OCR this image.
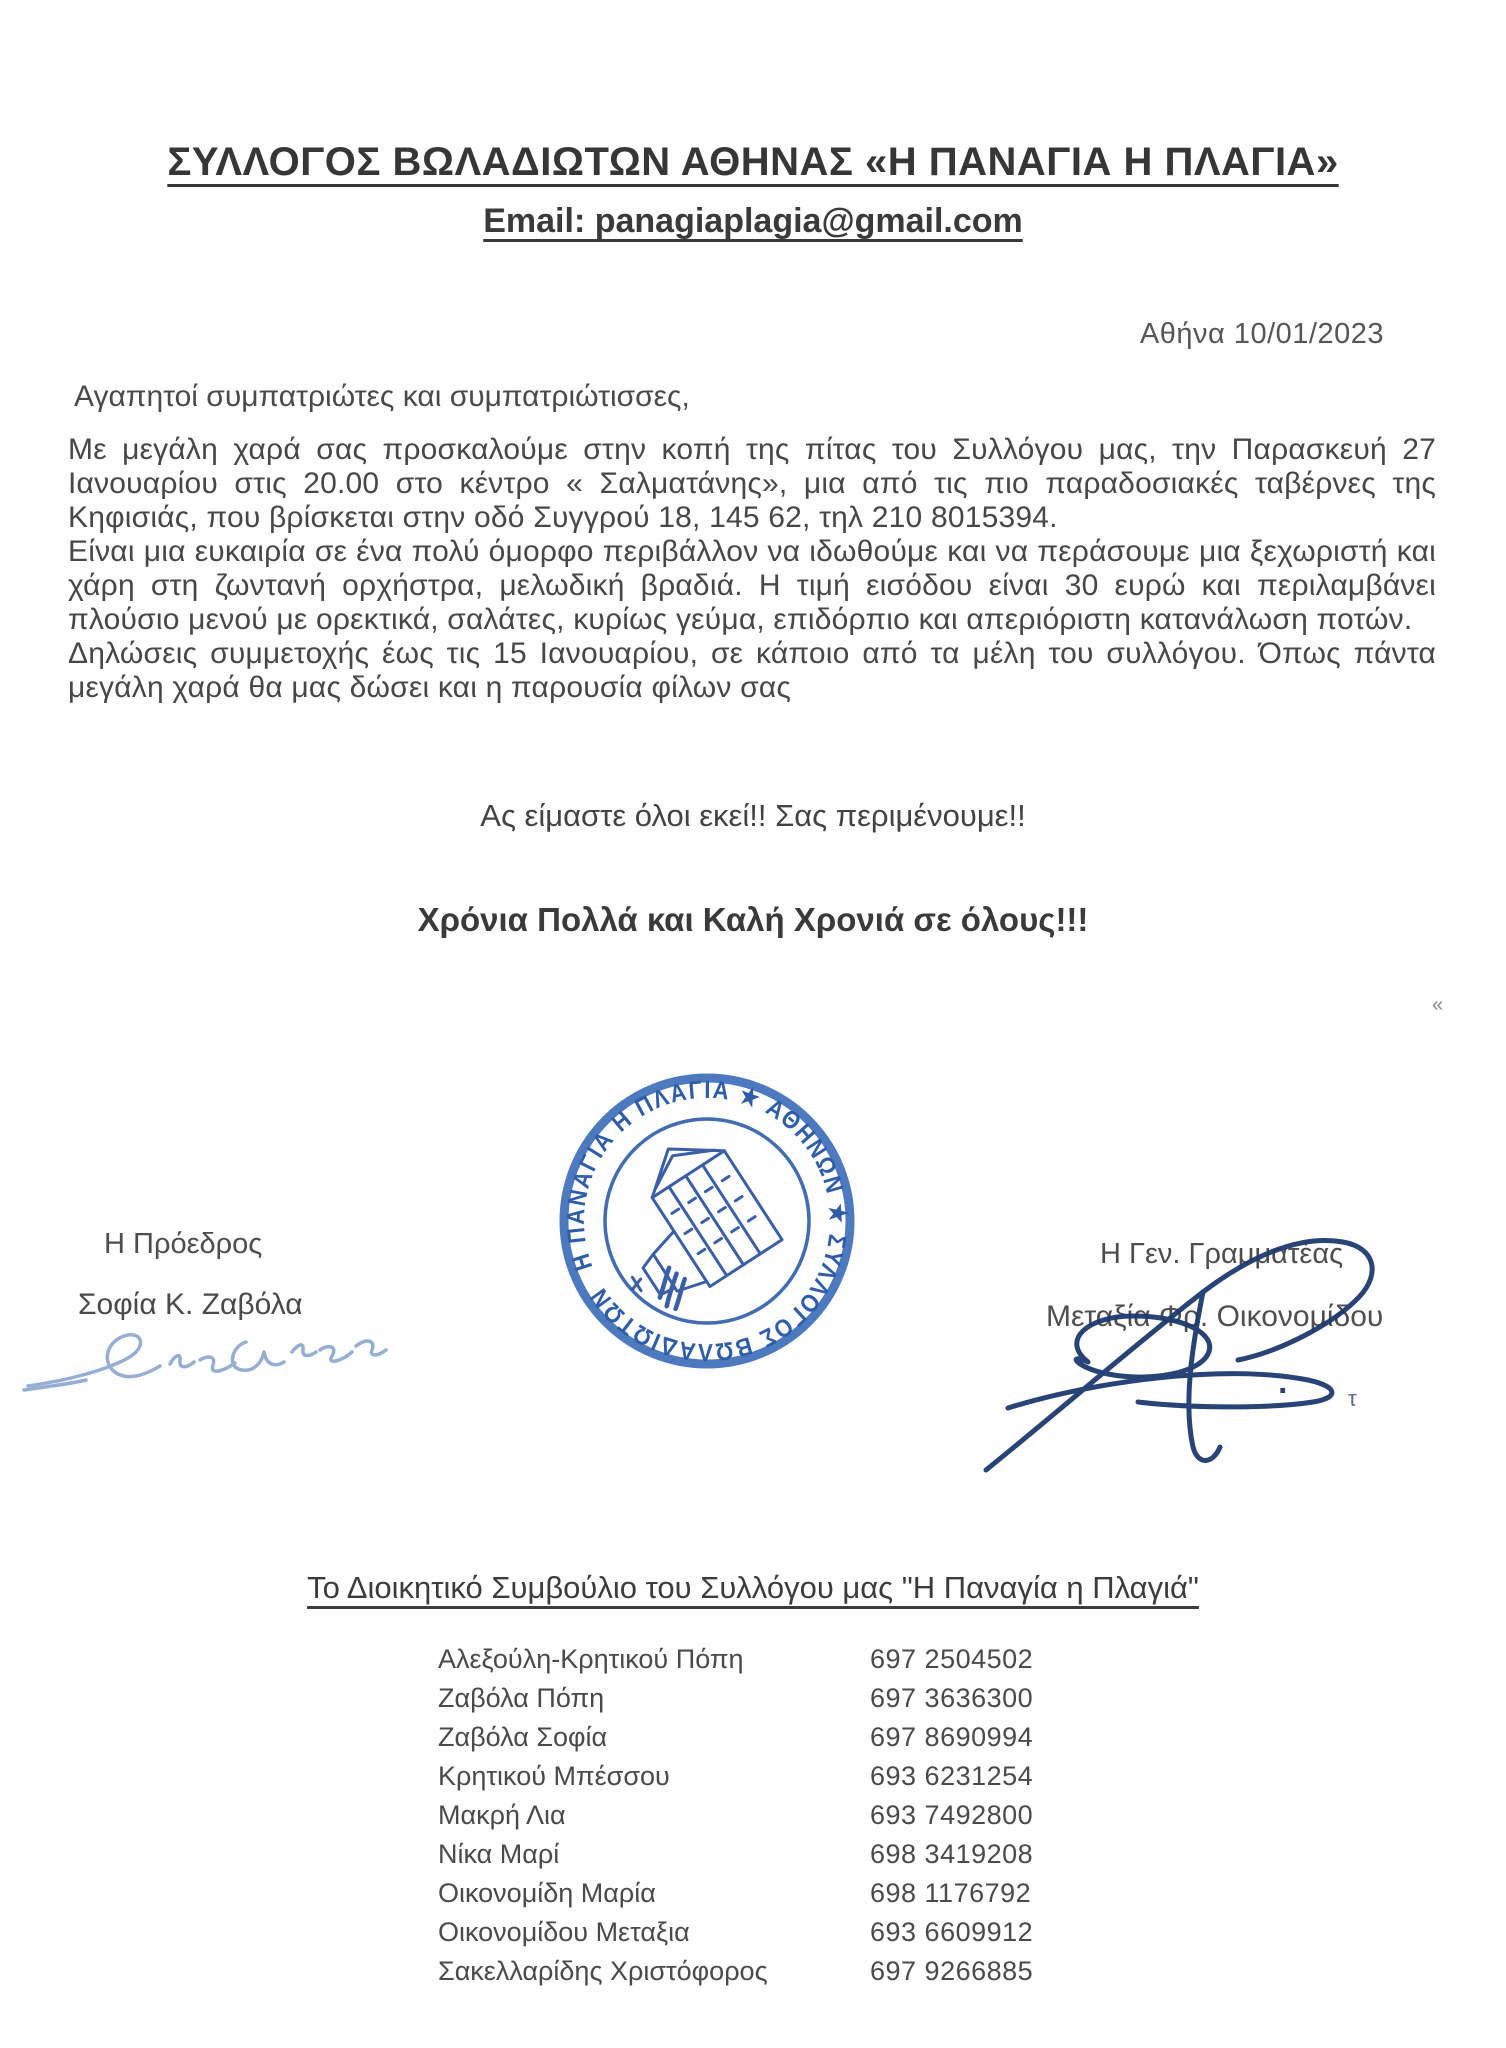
ΣΥΛΛΟΓΟΣ ΒΩΛΑΔΙΩΤΩΝ ΑΘΗΝΑΣ «Η ΠΑΝΑΓΙΑ Η ΠΛΑΓΙΑ»
Email: panagiaplagia@gmail.com
Αθήνα 10/01/2023
Αγαπητοί συμπατριώτες και συμπατριώτισσες,

Με μεγάλη χαρά σας προσκαλούμε στην κοπή της πίτας του Συλλόγου μας, την Παρασκευή 27 Ιανουαρίου στις 20.00 στο κέντρο « Σαλματάνης», μια από τις πιο παραδοσιακές ταβέρνες της Κηφισιάς, που βρίσκεται στην οδό Συγγρού 18, 145 62, τηλ 210 8015394.

Είναι μια ευκαιρία σε ένα πολύ όμορφο περιβάλλον να ιδωθούμε και να περάσουμε μια ξεχωριστή και χάρη στη ζωντανή ορχήστρα, μελωδική βραδιά. Η τιμή εισόδου είναι 30 ευρώ και περιλαμβάνει πλούσιο μενού με ορεκτικά, σαλάτες, κυρίως γεύμα, επιδόρπιο και απεριόριστη κατανάλωση ποτών.

Δηλώσεις συμμετοχής έως τις 15 Ιανουαρίου, σε κάποιο από τα μέλη του συλλόγου. Όπως πάντα μεγάλη χαρά θα μας δώσει και η παρουσία φίλων σας

Ας είμαστε όλοι εκεί!! Σας περιμένουμε!!
Χρόνια Πολλά και Καλή Χρονιά σε όλους!!!
Η ΠΑΝΑΓΙΑ Η ΠΛΑΓΙΑ ★ ΑΘΗΝΩΝ ★ ΣΥΛΛΟΓΟΣ ΒΩΛΑΔΙΩΤΩΝ
Η Πρόεδρος
Σοφία Κ. Ζαβόλα
Η Γεν. Γραμματέας
Μεταξία Φρ. Οικονομίδου
Το Διοικητικό Συμβούλιο του Συλλόγου μας "Η Παναγία η Πλαγιά"
Αλεξούλη-Κρητικού Πόπη	697 2504502
Ζαβόλα Πόπη	697 3636300
Ζαβόλα Σοφία	697 8690994
Κρητικού Μπέσσου	693 6231254
Μακρή Λια	693 7492800
Νίκα Μαρί	698 3419208
Οικονομίδη Μαρία	698 1176792
Οικονομίδου Μεταξια	693 6609912
Σακελλαρίδης Χριστόφορος	697 9266885
«
·	τ
